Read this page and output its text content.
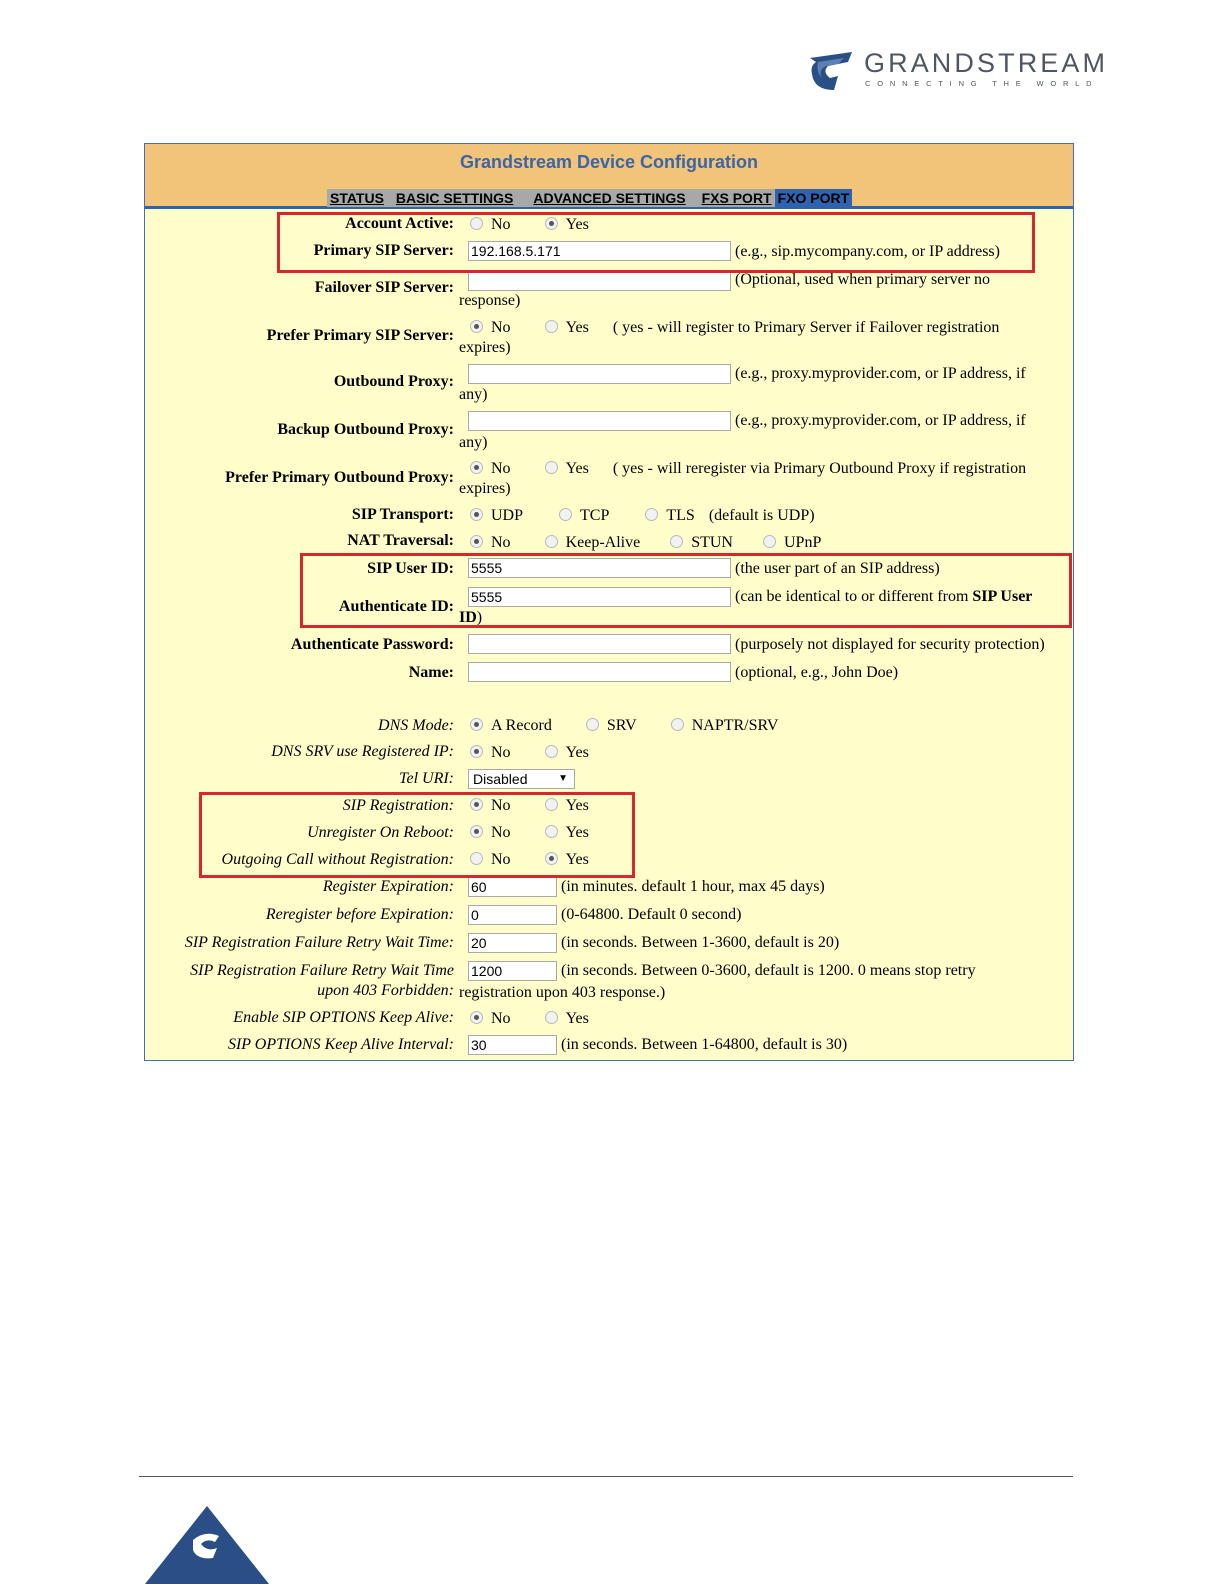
GRANDSTREAM
CONNECTING THE WORLD
Grandstream Device Configuration
STATUS BASIC SETTINGS ADVANCED SETTINGS FXS PORT FXO PORT
Account Active:	No	Yes
Primary SIP Server: 192.168.5.171	(e.g., sip.mycompany.com, or IP address)
Failover SIP Server:	(Optional, used when primary server no
response)
Prefer Primary SIP Server:	No	Yes ( yes - will register to Primary Server if Failover registration
expires)
Outbound Proxy:	(e.g., proxy.myprovider.com, or IP address, if
any)
Backup Outbound Proxy:
(e.g., proxy.myprovider.com, or IP address, if
any)
Prefer Primary Outbound Proxy:
No	Yes ( yes - will reregister via Primary Outbound Proxy if registration
expires)
SIP Transport:	UDP	TCP	TLS (default is UDP)
NAT Traversal:	No	Keep-Alive	STUN	UPnP
SIP User ID: 5555	(the user part of an SIP address)
Authenticate ID:
5555	(can be identical to or different from SIP User
ID)
Authenticate Password:	(purposely not displayed for security protection)
Name:	(optional, e.g., John Doe)
DNS Mode:	A Record	SRV	NAPTR/SRV
DNS SRV use Registered IP:	No	Yes
Tel URI:	Disabled	▼
SIP Registration:	No	Yes
Unregister On Reboot:	No	Yes
Outgoing Call without Registration:	No	Yes
Register Expiration: 60	(in minutes. default 1 hour, max 45 days)
Reregister before Expiration: 0	(0-64800. Default 0 second)
SIP Registration Failure Retry Wait Time: 20	(in seconds. Between 1-3600, default is 20)
SIP Registration Failure Retry Wait Time
upon 403 Forbidden:
1200	(in seconds. Between 0-3600, default is 1200. 0 means stop retry
registration upon 403 response.)
Enable SIP OPTIONS Keep Alive:	No	Yes
SIP OPTIONS Keep Alive Interval: 30	(in seconds. Between 1-64800, default is 30)
